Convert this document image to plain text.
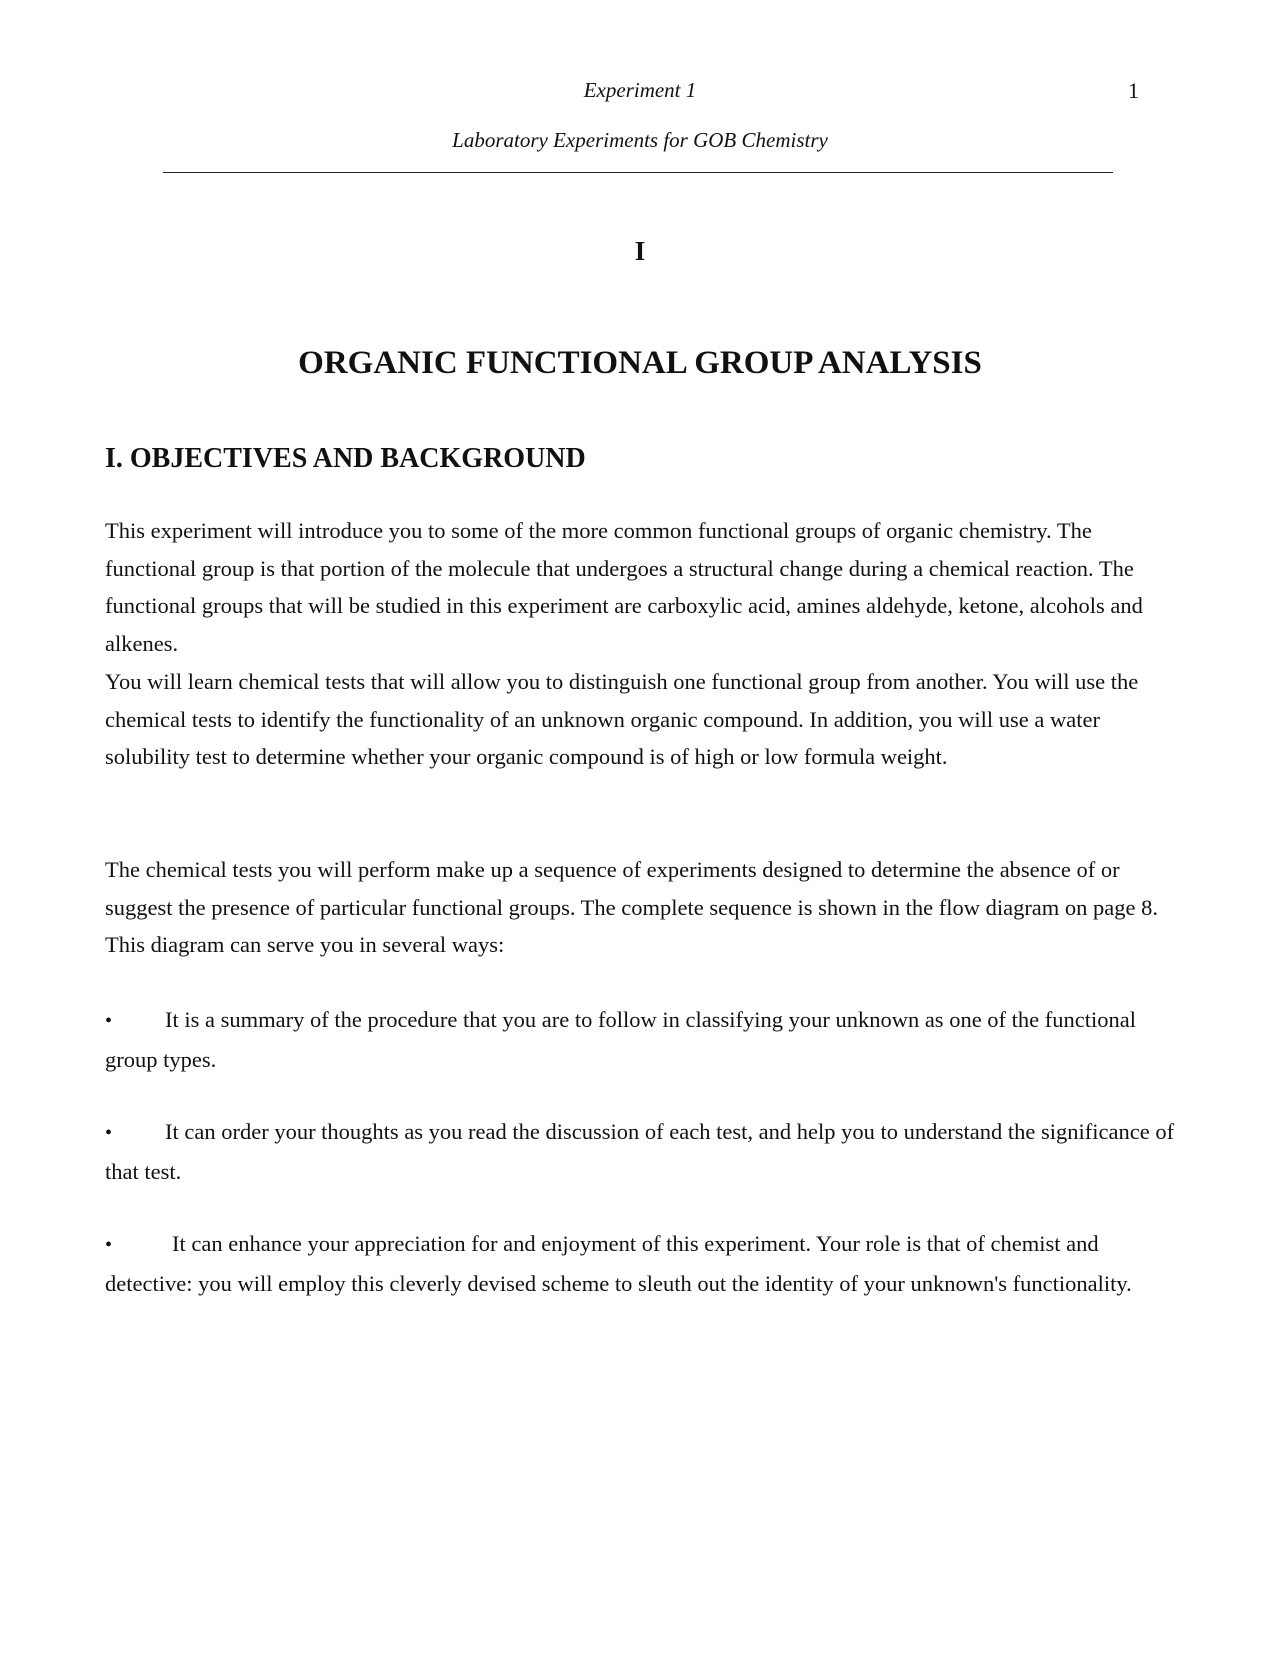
Experiment 1	1
Laboratory Experiments for GOB Chemistry
I
ORGANIC FUNCTIONAL GROUP ANALYSIS
I. OBJECTIVES AND BACKGROUND

This experiment will introduce you to some of the more common functional groups of organic chemistry. The functional group is that portion of the molecule that undergoes a structural change during a chemical reaction. The functional groups that will be studied in this experiment are carboxylic acid, amines aldehyde, ketone, alcohols and alkenes.

You will learn chemical tests that will allow you to distinguish one functional group from another. You will use the chemical tests to identify the functionality of an unknown organic compound. In addition, you will use a water solubility test to determine whether your organic compound is of high or low formula weight.

The chemical tests you will perform make up a sequence of experiments designed to determine the absence of or suggest the presence of particular functional groups. The complete sequence is shown in the flow diagram on page 8. This diagram can serve you in several ways:

• It is a summary of the procedure that you are to follow in classifying your unknown as one of the functional group types.
• It can order your thoughts as you read the discussion of each test, and help you to understand the significance of that test.
•	It can enhance your appreciation for and enjoyment of this experiment. Your role is that of chemist and detective: you will employ this cleverly devised scheme to sleuth out the identity of your unknown's functionality.
